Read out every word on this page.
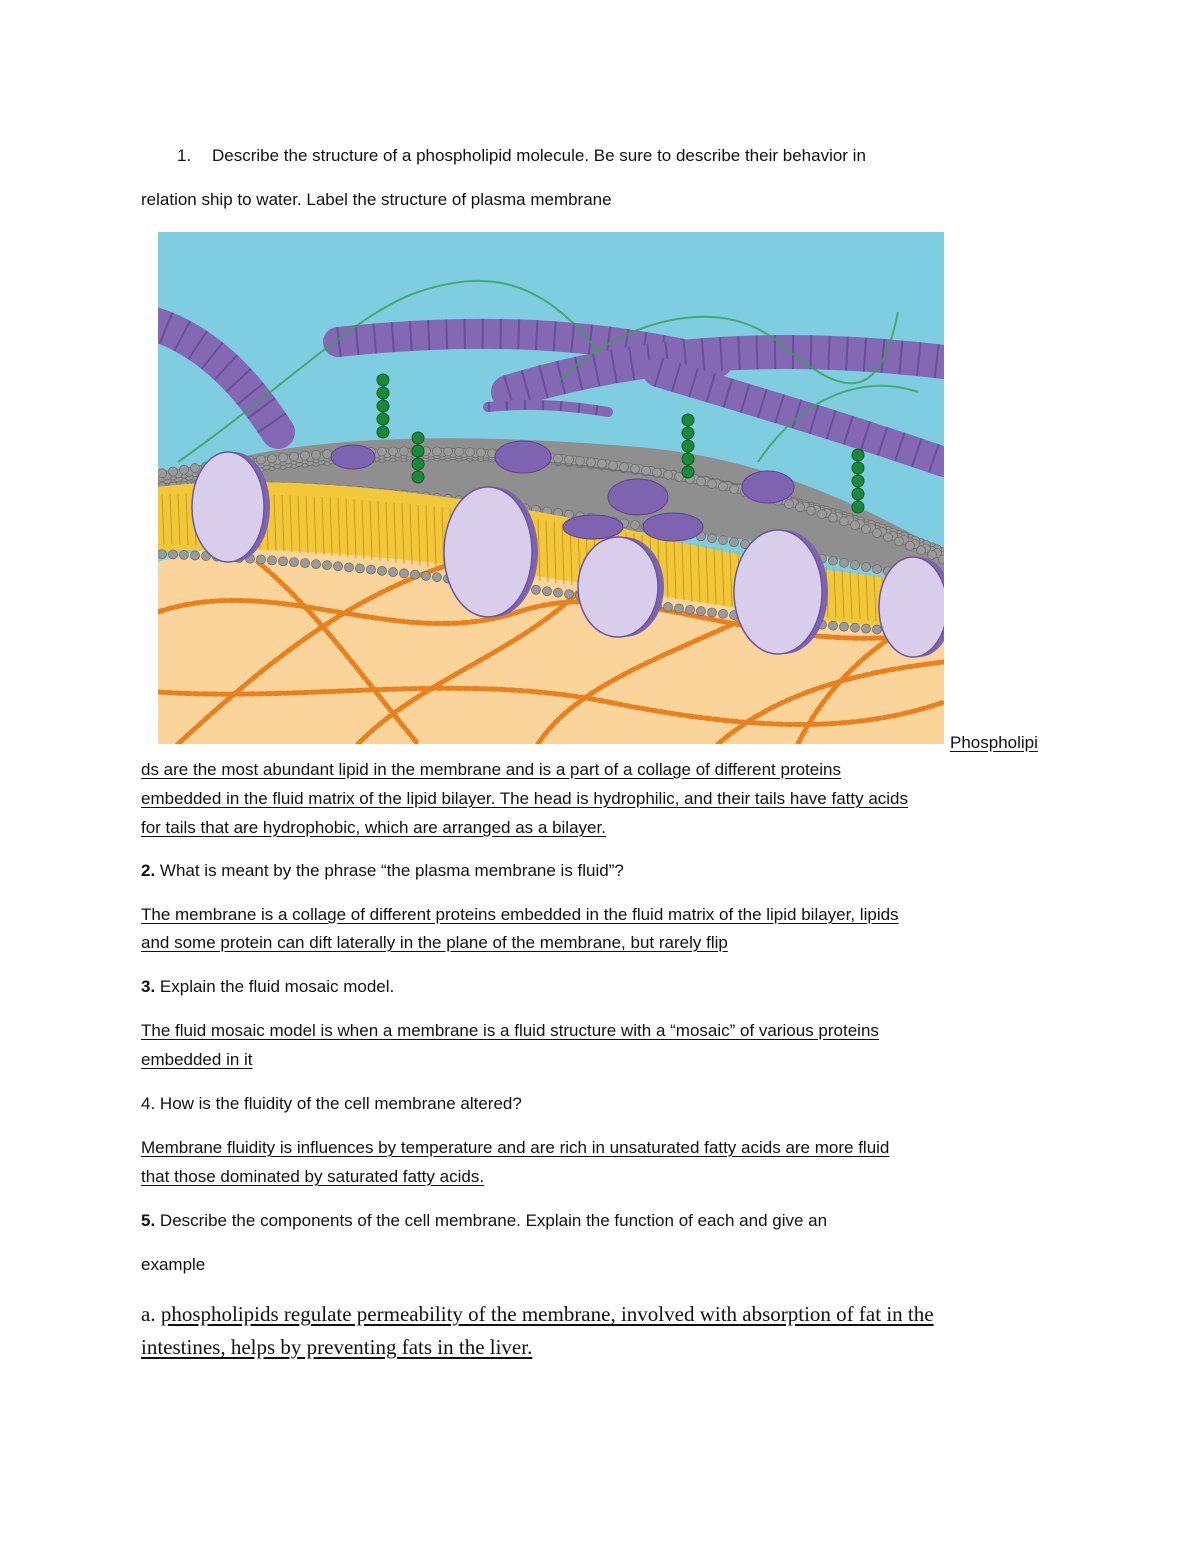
1. Describe the structure of a phospholipid molecule. Be sure to describe their behavior in
relation ship to water. Label the structure of plasma membrane
Phospholipi
ds are the most abundant lipid in the membrane and is a part of a collage of different proteins
embedded in the fluid matrix of the lipid bilayer. The head is hydrophilic, and their tails have fatty acids
for tails that are hydrophobic, which are arranged as a bilayer.
2. What is meant by the phrase “the plasma membrane is fluid”?
The membrane is a collage of different proteins embedded in the fluid matrix of the lipid bilayer, lipids
and some protein can dift laterally in the plane of the membrane, but rarely flip
3. Explain the fluid mosaic model.
The fluid mosaic model is when a membrane is a fluid structure with a “mosaic” of various proteins
embedded in it
4. How is the fluidity of the cell membrane altered?
Membrane fluidity is influences by temperature and are rich in unsaturated fatty acids are more fluid
that those dominated by saturated fatty acids.
5. Describe the components of the cell membrane. Explain the function of each and give an
example
a. phospholipids regulate permeability of the membrane, involved with absorption of fat in the
intestines, helps by preventing fats in the liver.
